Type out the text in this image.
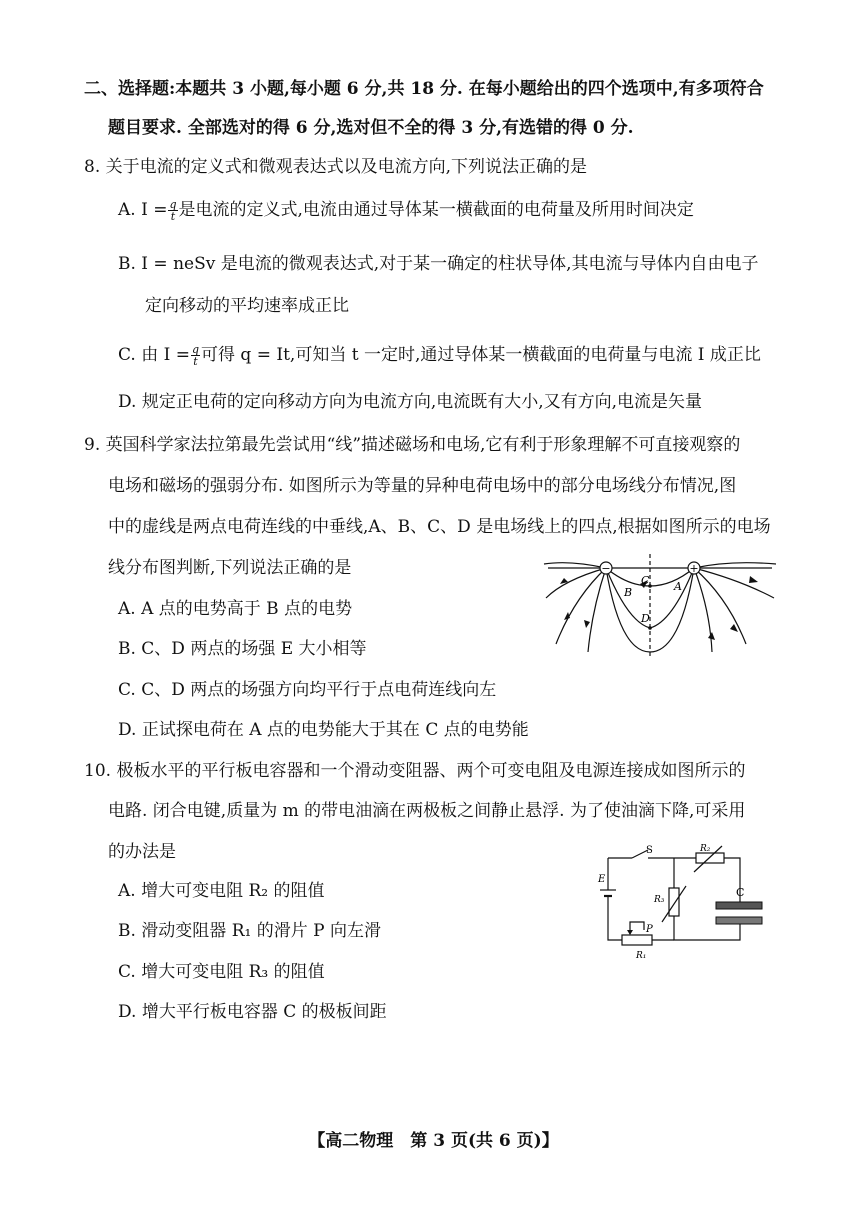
二、选择题:本题共 3 小题,每小题 6 分,共 18 分. 在每小题给出的四个选项中,有多项符合
题目要求. 全部选对的得 6 分,选对但不全的得 3 分,有选错的得 0 分.
8. 关于电流的定义式和微观表达式以及电流方向,下列说法正确的是
A. $I = \frac{q}{t}$ 是电流的定义式,电流由通过导体某一横截面的电荷量及所用时间决定
B. I = neSv 是电流的微观表达式,对于某一确定的柱状导体,其电流与导体内自由电子
定向移动的平均速率成正比
C. 由 $I = \frac{q}{t}$ 可得 q = It,可知当 t 一定时,通过导体某一横截面的电荷量与电流 I 成正比
D. 规定正电荷的定向移动方向为电流方向,电流既有大小,又有方向,电流是矢量
9. 英国科学家法拉第最先尝试用“线”描述磁场和电场,它有利于形象理解不可直接观察的
电场和磁场的强弱分布. 如图所示为等量的异种电荷电场中的部分电场线分布情况,图
中的虚线是两点电荷连线的中垂线,A、B、C、D 是电场线上的四点,根据如图所示的电场
线分布图判断,下列说法正确的是
A. A 点的电势高于 B 点的电势
B. C、D 两点的场强 E 大小相等
C. C、D 两点的场强方向均平行于点电荷连线向左
D. 正试探电荷在 A 点的电势能大于其在 C 点的电势能
−	+
C
D
A
B
10. 极板水平的平行板电容器和一个滑动变阻器、两个可变电阻及电源连接成如图所示的
电路. 闭合电键,质量为 m 的带电油滴在两极板之间静止悬浮. 为了使油滴下降,可采用
的办法是
A. 增大可变电阻 R₂ 的阻值
B. 滑动变阻器 R₁ 的滑片 P 向左滑
C. 增大可变电阻 R₃ 的阻值
D. 增大平行板电容器 C 的极板间距
S
E
R₂
R₃
R₁
P
C
【高二物理　第 3 页(共 6 页)】
